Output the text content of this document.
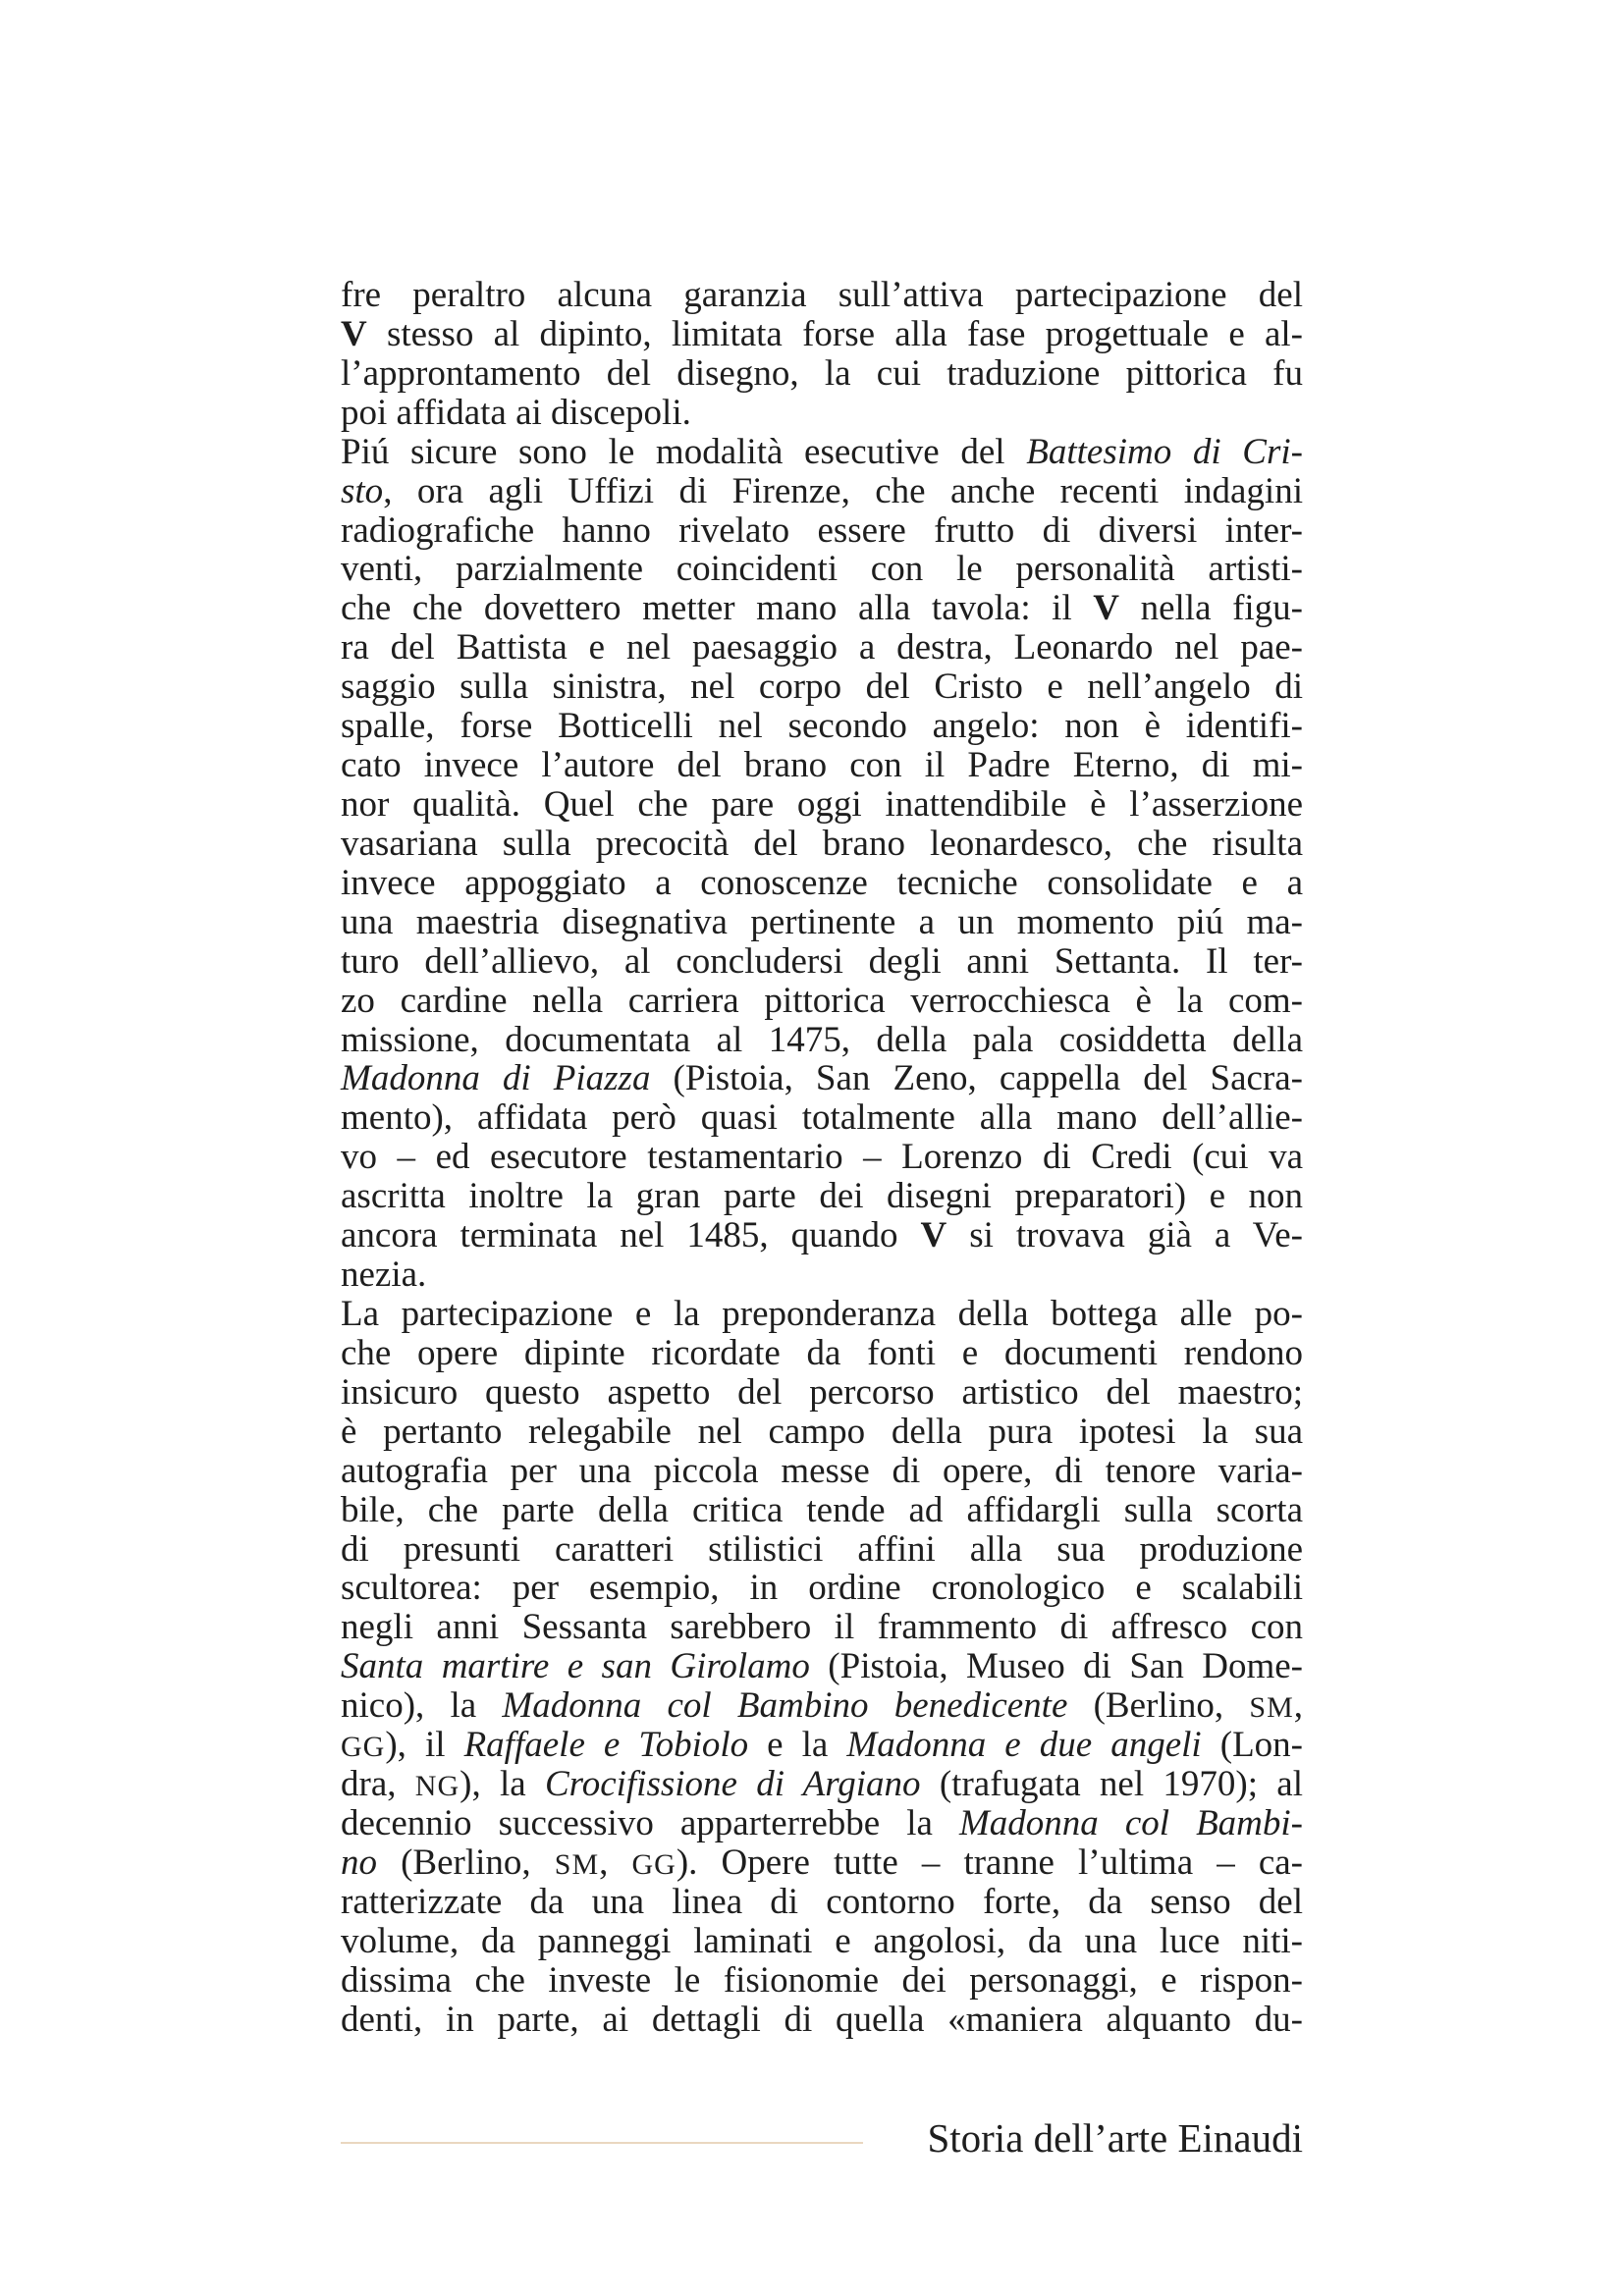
fre peraltro alcuna garanzia sull’attiva partecipazione del
V stesso al dipinto, limitata forse alla fase progettuale e al-
l’approntamento del disegno, la cui traduzione pittorica fu
poi affidata ai discepoli.
Piú sicure sono le modalità esecutive del Battesimo di Cri-
sto, ora agli Uffizi di Firenze, che anche recenti indagini
radiografiche hanno rivelato essere frutto di diversi inter-
venti, parzialmente coincidenti con le personalità artisti-
che che dovettero metter mano alla tavola: il V nella figu-
ra del Battista e nel paesaggio a destra, Leonardo nel pae-
saggio sulla sinistra, nel corpo del Cristo e nell’angelo di
spalle, forse Botticelli nel secondo angelo: non è identifi-
cato invece l’autore del brano con il Padre Eterno, di mi-
nor qualità. Quel che pare oggi inattendibile è l’asserzione
vasariana sulla precocità del brano leonardesco, che risulta
invece appoggiato a conoscenze tecniche consolidate e a
una maestria disegnativa pertinente a un momento piú ma-
turo dell’allievo, al concludersi degli anni Settanta. Il ter-
zo cardine nella carriera pittorica verrocchiesca è la com-
missione, documentata al 1475, della pala cosiddetta della
Madonna di Piazza (Pistoia, San Zeno, cappella del Sacra-
mento), affidata però quasi totalmente alla mano dell’allie-
vo – ed esecutore testamentario – Lorenzo di Credi (cui va
ascritta inoltre la gran parte dei disegni preparatori) e non
ancora terminata nel 1485, quando V si trovava già a Ve-
nezia.
La partecipazione e la preponderanza della bottega alle po-
che opere dipinte ricordate da fonti e documenti rendono
insicuro questo aspetto del percorso artistico del maestro;
è pertanto relegabile nel campo della pura ipotesi la sua
autografia per una piccola messe di opere, di tenore varia-
bile, che parte della critica tende ad affidargli sulla scorta
di presunti caratteri stilistici affini alla sua produzione
scultorea: per esempio, in ordine cronologico e scalabili
negli anni Sessanta sarebbero il frammento di affresco con
Santa martire e san Girolamo (Pistoia, Museo di San Dome-
nico), la Madonna col Bambino benedicente (Berlino, SM,
GG), il Raffaele e Tobiolo e la Madonna e due angeli (Lon-
dra, NG), la Crocifissione di Argiano (trafugata nel 1970); al
decennio successivo apparterrebbe la Madonna col Bambi-
no (Berlino, SM, GG). Opere tutte – tranne l’ultima – ca-
ratterizzate da una linea di contorno forte, da senso del
volume, da panneggi laminati e angolosi, da una luce niti-
dissima che investe le fisionomie dei personaggi, e rispon-
denti, in parte, ai dettagli di quella «maniera alquanto du-
Storia dell’arte Einaudi
